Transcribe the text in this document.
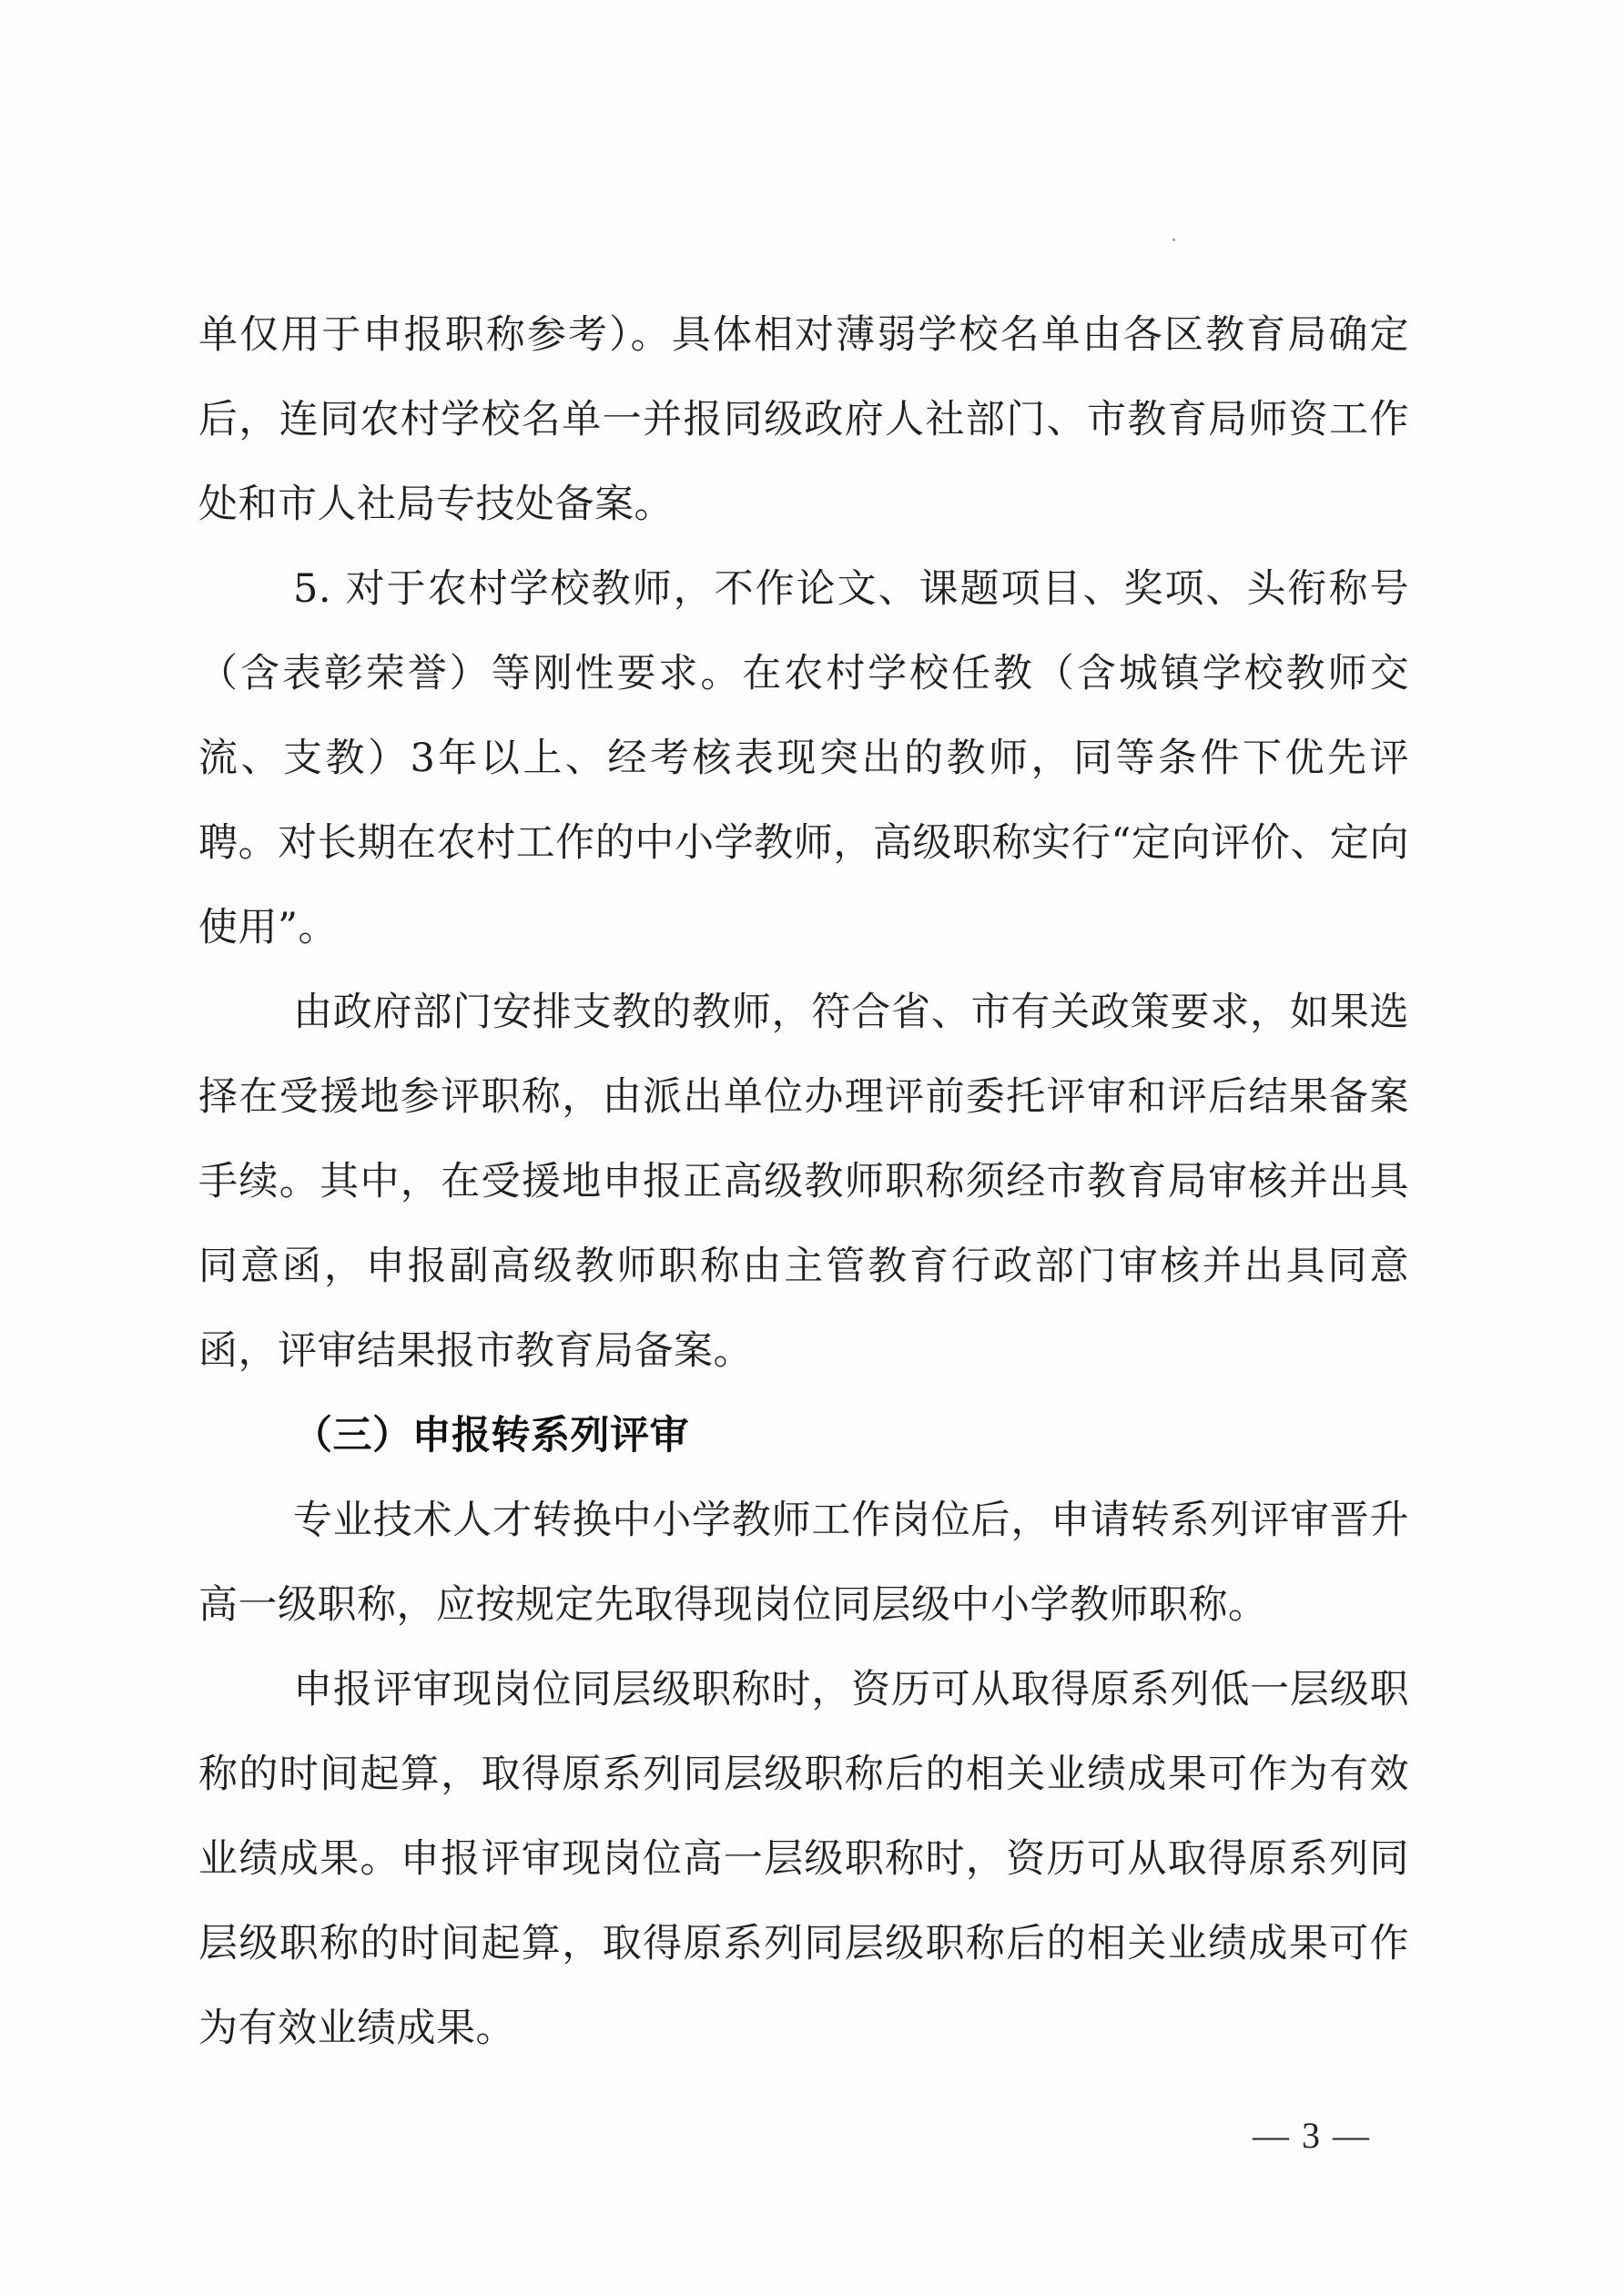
单仅用于申报职称参考）。具体相对薄弱学校名单由各区教育局确定后，连同农村学校名单一并报同级政府人社部门、市教育局师资工作处和市人社局专技处备案。

5. 对于农村学校教师，不作论文、课题项目、奖项、头衔称号（含表彰荣誉）等刚性要求。在农村学校任教（含城镇学校教师交流、支教）3年以上、经考核表现突出的教师，同等条件下优先评聘。对长期在农村工作的中小学教师，高级职称实行“定向评价、定向使用”。

由政府部门安排支教的教师，符合省、市有关政策要求，如果选择在受援地参评职称，由派出单位办理评前委托评审和评后结果备案手续。其中，在受援地申报正高级教师职称须经市教育局审核并出具同意函，申报副高级教师职称由主管教育行政部门审核并出具同意函，评审结果报市教育局备案。

（三）申报转系列评审

专业技术人才转换中小学教师工作岗位后，申请转系列评审晋升高一级职称，应按规定先取得现岗位同层级中小学教师职称。

申报评审现岗位同层级职称时，资历可从取得原系列低一层级职称的时间起算，取得原系列同层级职称后的相关业绩成果可作为有效业绩成果。申报评审现岗位高一层级职称时，资历可从取得原系列同层级职称的时间起算，取得原系列同层级职称后的相关业绩成果可作为有效业绩成果。

— 3 —
